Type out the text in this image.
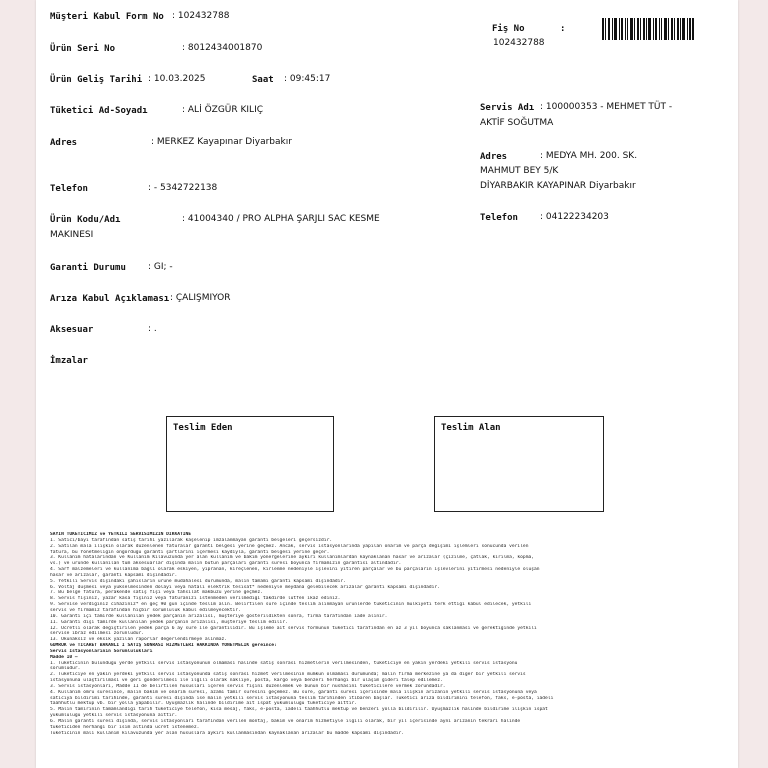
Müşteri Kabul Form No : 102432788
Fiş No	:
102432788
Ürün Seri No	: 8012434001870
Ürün Geliş Tarihi : 10.03.2025	Saat : 09:45:17
Tüketici Ad-Soyadı	: ALİ ÖZGÜR KILIÇ
Adres	: MERKEZ Kayapınar Diyarbakır
Telefon	: - 5342722138
Ürün Kodu/Adı	: 41004340 / PRO ALPHA ŞARJLI SAC KESME
MAKINESI
Garanti Durumu : GI; -
Arıza Kabul Açıklaması : ÇALIŞMIYOR
Aksesuar	: .
İmzalar
Servis Adı : 100000353 - MEHMET TÜT -
AKTİF SOĞUTMA
Adres	: MEDYA MH. 200. SK.
MAHMUT BEY 5/K
DİYARBAKIR KAYAPINAR Diyarbakır
Telefon : 04122234203
Teslim Eden	Teslim Alan
SAYIN TÜKETİCİMİZ ve YETKİLİ SERVİSİMİZİN DİKKATİNE
1. Satıcı/bayi tarafından satış tarihi yazılarak kaşelenip imzalanmayan garanti belgeleri geçersizdir.
2. Satılan mala ilişkin olarak düzenlenen faturalar garanti belgesi yerine geçmez. Ancak, servis istasyonlarında yapılan onarım ve parça değişimi işlemleri sonucunda verilen
fatura, bu Yönetmeliğin öngördüğü garanti şartlarını içermesi kaydıyla, garanti belgesi yerine geçer.
3. Kullanım hatalarından ve Kullanım Kılavuzunda yer alan kullanım ve bakım yönergelerine aykırı kullanımlardan kaynaklanan hasar ve arızalar (çizilme, çatlak, kırılma, kopma,
vs.) ve üründe kullanılan tüm aksesuarlar dışında malın bütün parçaları garanti süresi boyunca firmamızın garantisi altındadır.
4. Sarf malzemeleri ve kullanıma bağlı olarak eskiyen, yıpranan, kireçlenen, kirlenme nedeniyle işlevini yitiren parçalar ve bu parçaların işlevlerini yitirmesi nedeniyle oluşan
hasar ve arızalar, garanti kapsamı dışındadır.
5. Yetkili Servis dışındaki şahısların ürüne müdahalesi durumunda, malın tamamı garanti kapsamı dışındadır.
6. Voltaj düşmesi veya yükselmesinden dolayı veya hatalı elektrik tesisat* nedeniyle meydana gelebilecek arızalar garanti kapsamı dışındadır.
7. Bu belge fatura, perakende satış fişi veya tahsilat makbuzu yerine geçmez.
8. Servis fişiniz, yazar kasa fişiniz veya faturanızı istenmeden verilmediği takdirde lütfen ikaz ediniz.
9. Servise verdiğiniz cihazınız* en geç 90 gün içinde teslim alın. Belirtilen süre içinde teslim alınmayan ürünlerde tüketicinin mülkiyeti terk ettiği kabul edilecek, yetkili
servis ve firmamız tarafından hiçbir sorumluluk kabul edilmeyecektir.
10. Garanti içi tamirde kullanılan yedek parçanın arızalısı, müşteriye gösterildikten sonra, firma tarafından iade alınır.
11. Garanti dışı tamirde kullanılan yedek parçanın arızalısı, müşteriye teslim edilir.
12. Ücretli olarak değiştirilen yedek parça 6 ay süre ile garantilidir. Bu işleme ait servis formunun tüketici tarafından en az 3 yıl boyunca saklanması ve gerektiğinde yetkili
servise ibraz edilmesi zorunludur.
13. Okunaksız ve eksik yazılan raporlar değerlendirmeye alınmaz.
GÜMRÜK ve TİCARET BAKANLI I SATIŞ SONRASI HİZMETLERİ HAKKINDA YÖNETMELİK gereince:
Servis İstasyonlarının Sorumlulukları
Madde 10 –
1. Tüketicinin bulunduğu yerde yetkili servis istasyonunun olmaması halinde satış sonrası hizmetlerin verilmesinden, tüketiciye en yakın yerdeki yetkili servis istasyonu
sorumludur.
2. Tüketiciye en yakın yerdeki yetkili servis istasyonunda satış sonrası hizmet verilmesinin mümkün olmaması durumunda; malın firma merkezine ya da diğer bir yetkili servis
istasyonuna ulaştırılması ve geri gönderilmesi ile ilgili olarak nakliye, posta, kargo veya benzeri herhangi bir ulaşım gideri talep edilemez.
3. Servis istasyonları, Madde 11 de belirtilen hususları içeren servis fişini düzenlemek ve bunun bir nüshasını tüketicilere vermek zorundadır.
4. Kullanım ömrü süresince, malın bakım ve onarım süresi, azami tamir süresini geçemez. Bu süre, garanti süresi içerisinde mala ilişkin arızanın yetkili servis istasyonuna veya
satıcıya bildirimi tarihinde, garanti süresi dışında ise malın yetkili servis istasyonuna teslim tarihinden itibaren başlar. Tüketici arıza bildirimini telefon, faks, e-posta, iadeli
taahhütlü mektup vb. bir yolla yapabilir. Uyuşmazlık halinde bildirime ait ispat yükümlülüğü tüketiciye aittir.
5. Malın tamirinin tamamlandığı tarih tüketiciye telefon, kısa mesaj, faks, e-posta, iadeli taahhütlü mektup ve benzeri yolla bildirilir. Uyuşmazlık halinde bildirime ilişkin ispat
yükümlülüğü yetkili servis istasyonuna aittir.
6. Malın garanti süresi dışında, servis istasyonları tarafından verilen montaj, bakım ve onarım hizmetiyle ilgili olarak, bir yıl içerisinde aynı arızanın tekrarı halinde
tüketiciden herhangi bir isim altında ücret istenemez.
Tüketicinin malı kullanım kılavuzunda yer alan hususlara aykırı kullanmasından kaynaklanan arızalar bu madde kapsamı dışındadır.
